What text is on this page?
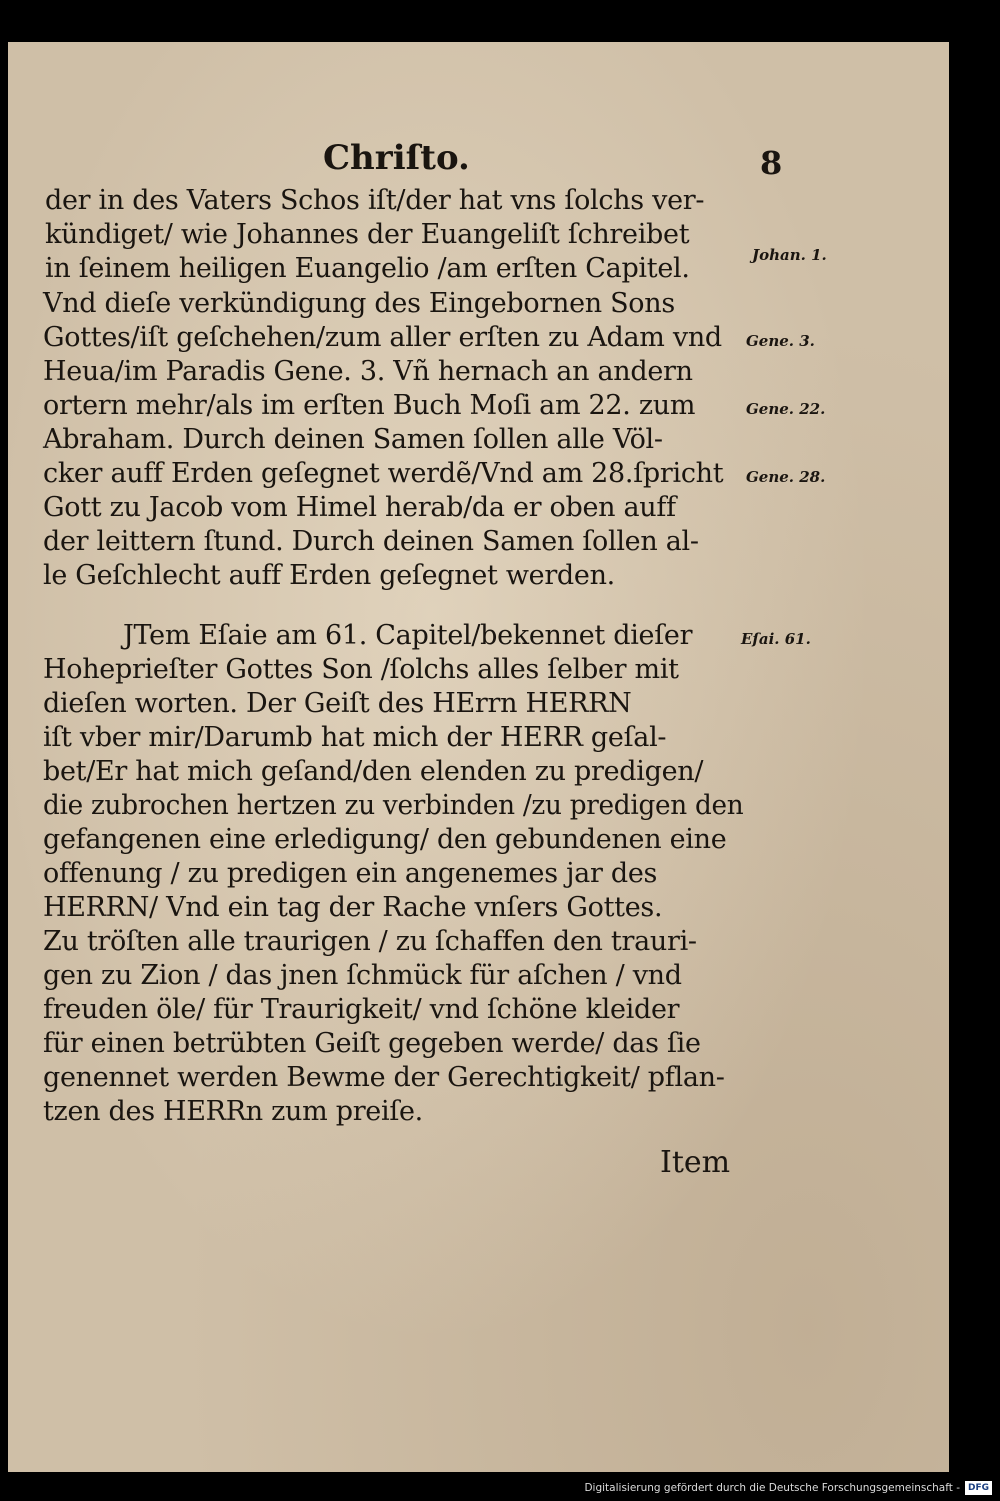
Chriſto.	8
der in des Vaters Schos iſt/der hat vns ſolchs ver-
kündiget/ wie Johannes der Euangeliſt ſchreibet
in ſeinem heiligen Euangelio /am erſten Capitel.
Vnd dieſe verkündigung des Eingebornen Sons
Gottes/iſt geſchehen/zum aller erſten zu Adam vnd
Heua/im Paradis Gene. 3. Vñ hernach an andern
ortern mehr/als im erſten Buch Moſi am 22. zum
Abraham. Durch deinen Samen ſollen alle Völ-
cker auff Erden geſegnet werdẽ/Vnd am 28.ſpricht
Gott zu Jacob vom Himel herab/da er oben auff
der leittern ſtund. Durch deinen Samen ſollen al-
le Geſchlecht auff Erden geſegnet werden.
JTem Eſaie am 61. Capitel/bekennet dieſer
Hoheprieſter Gottes Son /ſolchs alles ſelber mit
dieſen worten. Der Geiſt des HErrn HERRN
iſt vber mir/Darumb hat mich der HERR geſal-
bet/Er hat mich geſand/den elenden zu predigen/
die zubrochen hertzen zu verbinden /zu predigen den
gefangenen eine erledigung/ den gebundenen eine
offenung / zu predigen ein angenemes jar des
HERRN/ Vnd ein tag der Rache vnſers Gottes.
Zu tröſten alle traurigen / zu ſchaffen den trauri-
gen zu Zion / das jnen ſchmück für aſchen / vnd
freuden öle/ für Traurigkeit/ vnd ſchöne kleider
für einen betrübten Geiſt gegeben werde/ das ſie
genennet werden Bewme der Gerechtigkeit/ pflan-
tzen des HERRn zum preiſe.
Johan. 1.
Gene. 3.
Gene. 22.
Gene. 28.
Eſai. 61.
Item
Digitalisierung gefördert durch die Deutsche Forschungsgemeinschaft - DFG
